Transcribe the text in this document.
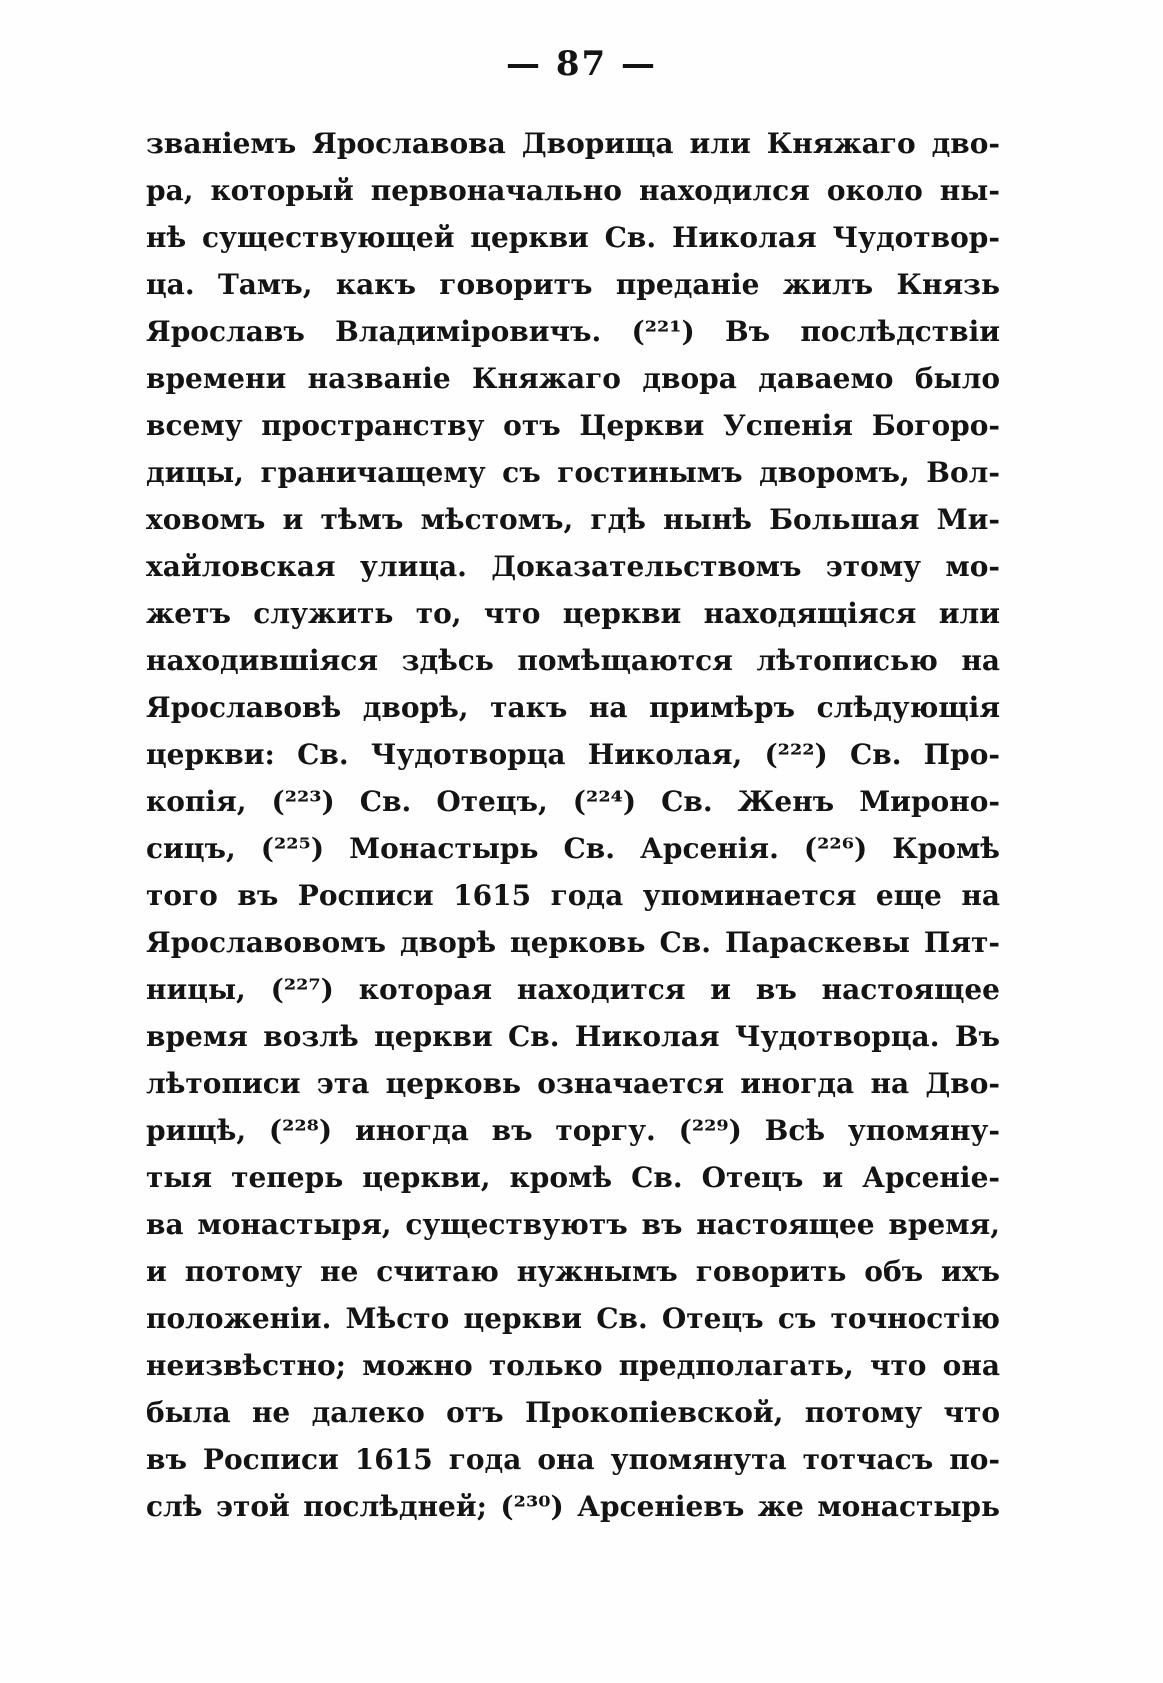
— 87 —
званіемъ Ярославова Дворища или Княжаго дво-
ра, который первоначально находился около ны-
нѣ существующей церкви Св. Николая Чудотвор-
ца. Тамъ, какъ говоритъ преданіе жилъ Князь
Ярославъ Владиміровичъ. (²²¹) Въ послѣдствіи
времени названіе Княжаго двора даваемо было
всему пространству отъ Церкви Успенія Богоро-
дицы, граничащему съ гостинымъ дворомъ, Вол-
ховомъ и тѣмъ мѣстомъ, гдѣ нынѣ Большая Ми-
хайловская улица. Доказательствомъ этому мо-
жетъ служить то, что церкви находящіяся или
находившіяся здѣсь помѣщаются лѣтописью на
Ярославовѣ дворѣ, такъ на примѣръ слѣдующія
церкви: Св. Чудотворца Николая, (²²²) Св. Про-
копія, (²²³) Св. Отецъ, (²²⁴) Св. Женъ Мироно-
сицъ, (²²⁵) Монастырь Св. Арсенія. (²²⁶) Кромѣ
того въ Росписи 1615 года упоминается еще на
Ярославовомъ дворѣ церковь Св. Параскевы Пят-
ницы, (²²⁷) которая находится и въ настоящее
время возлѣ церкви Св. Николая Чудотворца. Въ
лѣтописи эта церковь означается иногда на Дво-
рищѣ, (²²⁸) иногда въ торгу. (²²⁹) Всѣ упомяну-
тыя теперь церкви, кромѣ Св. Отецъ и Арсеніе-
ва монастыря, существуютъ въ настоящее время,
и потому не считаю нужнымъ говорить объ ихъ
положеніи. Мѣсто церкви Св. Отецъ съ точностію
неизвѣстно; можно только предполагать, что она
была не далеко отъ Прокопіевской, потому что
въ Росписи 1615 года она упомянута тотчасъ по-
слѣ этой послѣдней; (²³⁰) Арсеніевъ же монастырь
